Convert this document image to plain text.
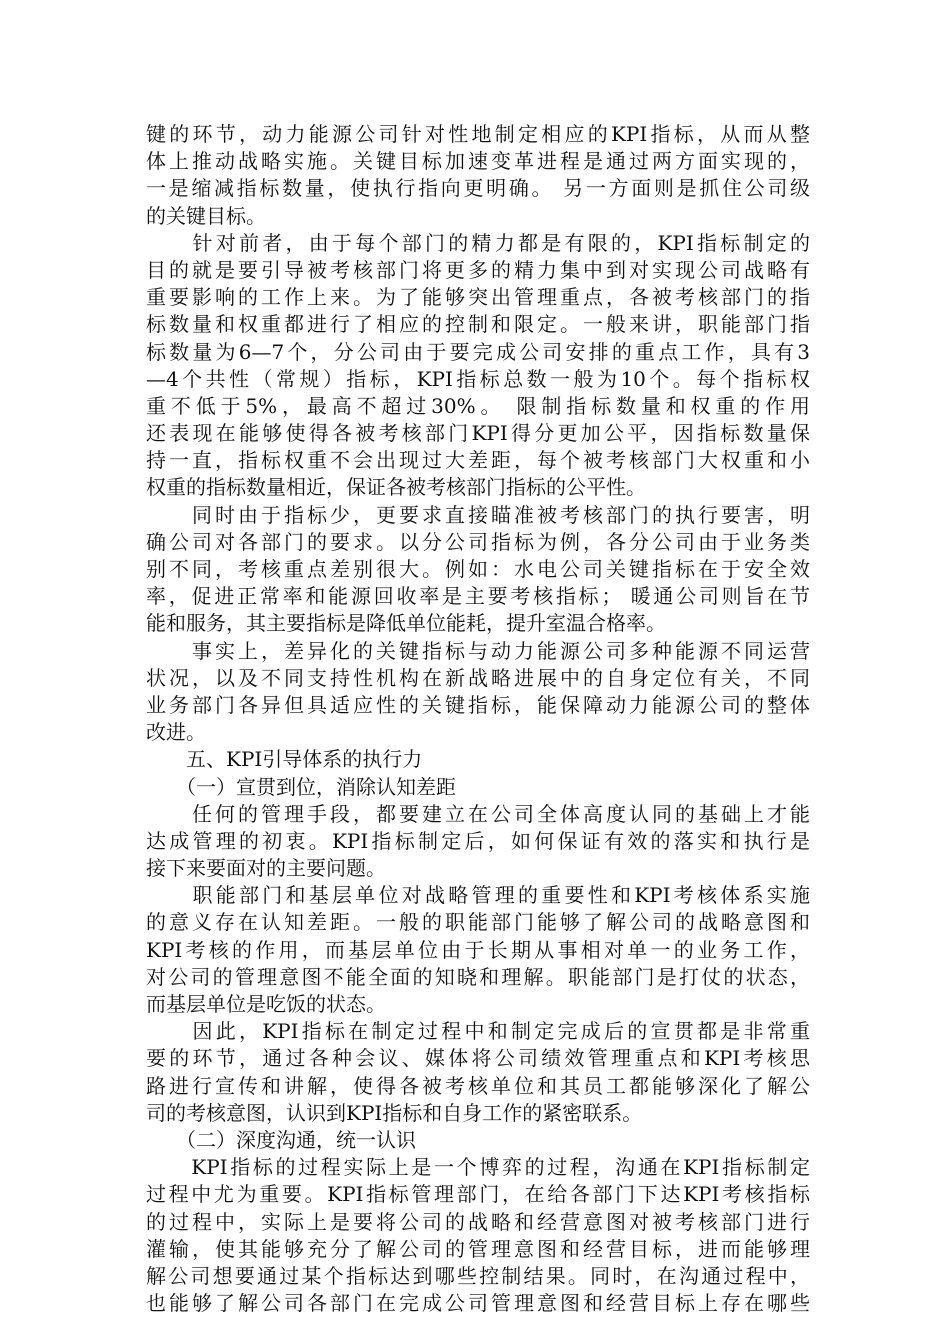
键的环节，动力能源公司针对性地制定相应的KPI指标，从而从整
体上推动战略实施。关键目标加速变革进程是通过两方面实现的，
一是缩减指标数量，使执行指向更明确。 另一方面则是抓住公司级
的关键目标。
　　针对前者，由于每个部门的精力都是有限的，KPI指标制定的
目的就是要引导被考核部门将更多的精力集中到对实现公司战略有
重要影响的工作上来。为了能够突出管理重点，各被考核部门的指
标数量和权重都进行了相应的控制和限定。一般来讲，职能部门指
标数量为6—7个，分公司由于要完成公司安排的重点工作，具有3
—4个共性（常规）指标，KPI指标总数一般为10个。每个指标权
重不低于5%，最高不超过30%。 限制指标数量和权重的作用
还表现在能够使得各被考核部门KPI得分更加公平，因指标数量保
持一直，指标权重不会出现过大差距，每个被考核部门大权重和小
权重的指标数量相近，保证各被考核部门指标的公平性。
　　同时由于指标少，更要求直接瞄准被考核部门的执行要害，明
确公司对各部门的要求。以分公司指标为例，各分公司由于业务类
别不同，考核重点差别很大。例如：水电公司关键指标在于安全效
率，促进正常率和能源回收率是主要考核指标； 暖通公司则旨在节
能和服务，其主要指标是降低单位能耗，提升室温合格率。
　　事实上，差异化的关键指标与动力能源公司多种能源不同运营
状况，以及不同支持性机构在新战略进展中的自身定位有关，不同
业务部门各异但具适应性的关键指标，能保障动力能源公司的整体
改进。
　　五、KPI引导体系的执行力
　　（一）宣贯到位，消除认知差距
　　任何的管理手段，都要建立在公司全体高度认同的基础上才能
达成管理的初衷。KPI指标制定后，如何保证有效的落实和执行是
接下来要面对的主要问题。
　　职能部门和基层单位对战略管理的重要性和KPI考核体系实施
的意义存在认知差距。一般的职能部门能够了解公司的战略意图和
KPI考核的作用，而基层单位由于长期从事相对单一的业务工作，
对公司的管理意图不能全面的知晓和理解。职能部门是打仗的状态，
而基层单位是吃饭的状态。
　　因此，KPI指标在制定过程中和制定完成后的宣贯都是非常重
要的环节，通过各种会议、媒体将公司绩效管理重点和KPI考核思
路进行宣传和讲解，使得各被考核单位和其员工都能够深化了解公
司的考核意图，认识到KPI指标和自身工作的紧密联系。
　　（二）深度沟通，统一认识
　　KPI指标的过程实际上是一个博弈的过程，沟通在KPI指标制定
过程中尤为重要。KPI指标管理部门，在给各部门下达KPI考核指标
的过程中，实际上是要将公司的战略和经营意图对被考核部门进行
灌输，使其能够充分了解公司的管理意图和经营目标，进而能够理
解公司想要通过某个指标达到哪些控制结果。同时，在沟通过程中，
也能够了解公司各部门在完成公司管理意图和经营目标上存在哪些
